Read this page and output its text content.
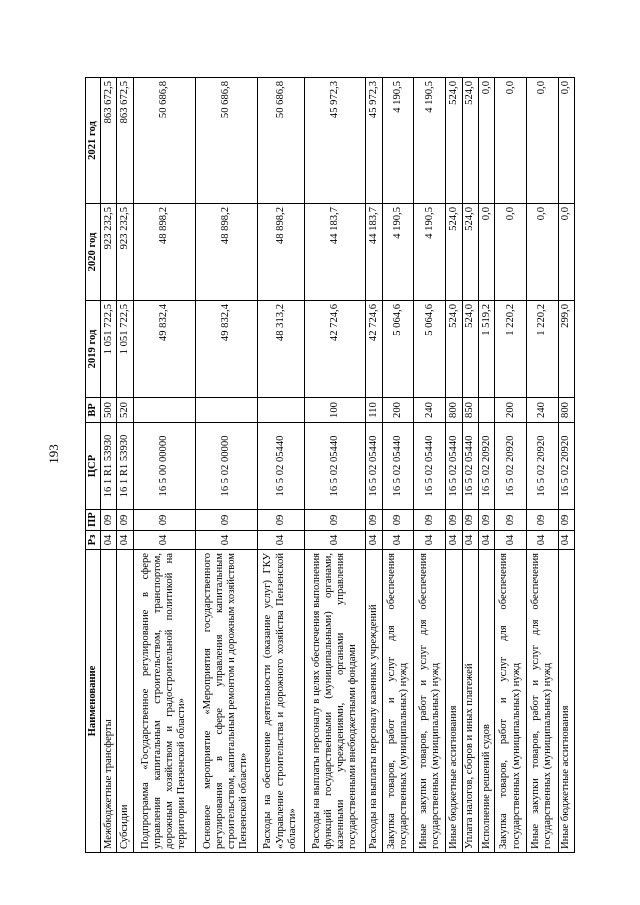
193
Наименование	Рз	ПР	ЦСР	ВР	2019 год	2020 год	2021 год
Межбюджетные трансферты	04	09	16 1 R1 53930	500	1 051 722,5	923 232,5	863 672,5
Субсидии	04	09	16 1 R1 53930	520	1 051 722,5	923 232,5	863 672,5
Подпрограмма «Государственное регулирование в сфере управления капитальным строительством, транспортом, дорожным хозяйством и градостроительной политикой на территории Пензенской области»	04	09	16 5 00 00000		49 832,4	48 898,2	50 686,8
Основное мероприятие «Мероприятия государственного регулирования в сфере управления капитальным строительством, капитальным ремонтом и дорожным хозяйством Пензенской области»	04	09	16 5 02 00000		49 832,4	48 898,2	50 686,8
Расходы на обеспечение деятельности (оказание услуг) ГКУ «Управление строительства и дорожного хозяйства Пензенской области»	04	09	16 5 02 05440		48 313,2	48 898,2	50 686,8
Расходы на выплаты персоналу в целях обеспечения выполнения функций государственными (муниципальными) органами, казенными учреждениями, органами управления государственными внебюджетными фондами	04	09	16 5 02 05440	100	42 724,6	44 183,7	45 972,3
Расходы на выплаты персоналу казенных учреждений	04	09	16 5 02 05440	110	42 724,6	44 183,7	45 972,3
Закупка товаров, работ и услуг для обеспечения государственных (муниципальных) нужд	04	09	16 5 02 05440	200	5 064,6	4 190,5	4 190,5
Иные закупки товаров, работ и услуг для обеспечения государственных (муниципальных) нужд	04	09	16 5 02 05440	240	5 064,6	4 190,5	4 190,5
Иные бюджетные ассигнования	04	09	16 5 02 05440	800	524,0	524,0	524,0
Уплата налогов, сборов и иных платежей	04	09	16 5 02 05440	850	524,0	524,0	524,0
Исполнение решений судов	04	09	16 5 02 20920		1 519,2	0,0	0,0
Закупка товаров, работ и услуг для обеспечения государственных (муниципальных) нужд	04	09	16 5 02 20920	200	1 220,2	0,0	0,0
Иные закупки товаров, работ и услуг для обеспечения государственных (муниципальных) нужд	04	09	16 5 02 20920	240	1 220,2	0,0	0,0
Иные бюджетные ассигнования	04	09	16 5 02 20920	800	299,0	0,0	0,0
